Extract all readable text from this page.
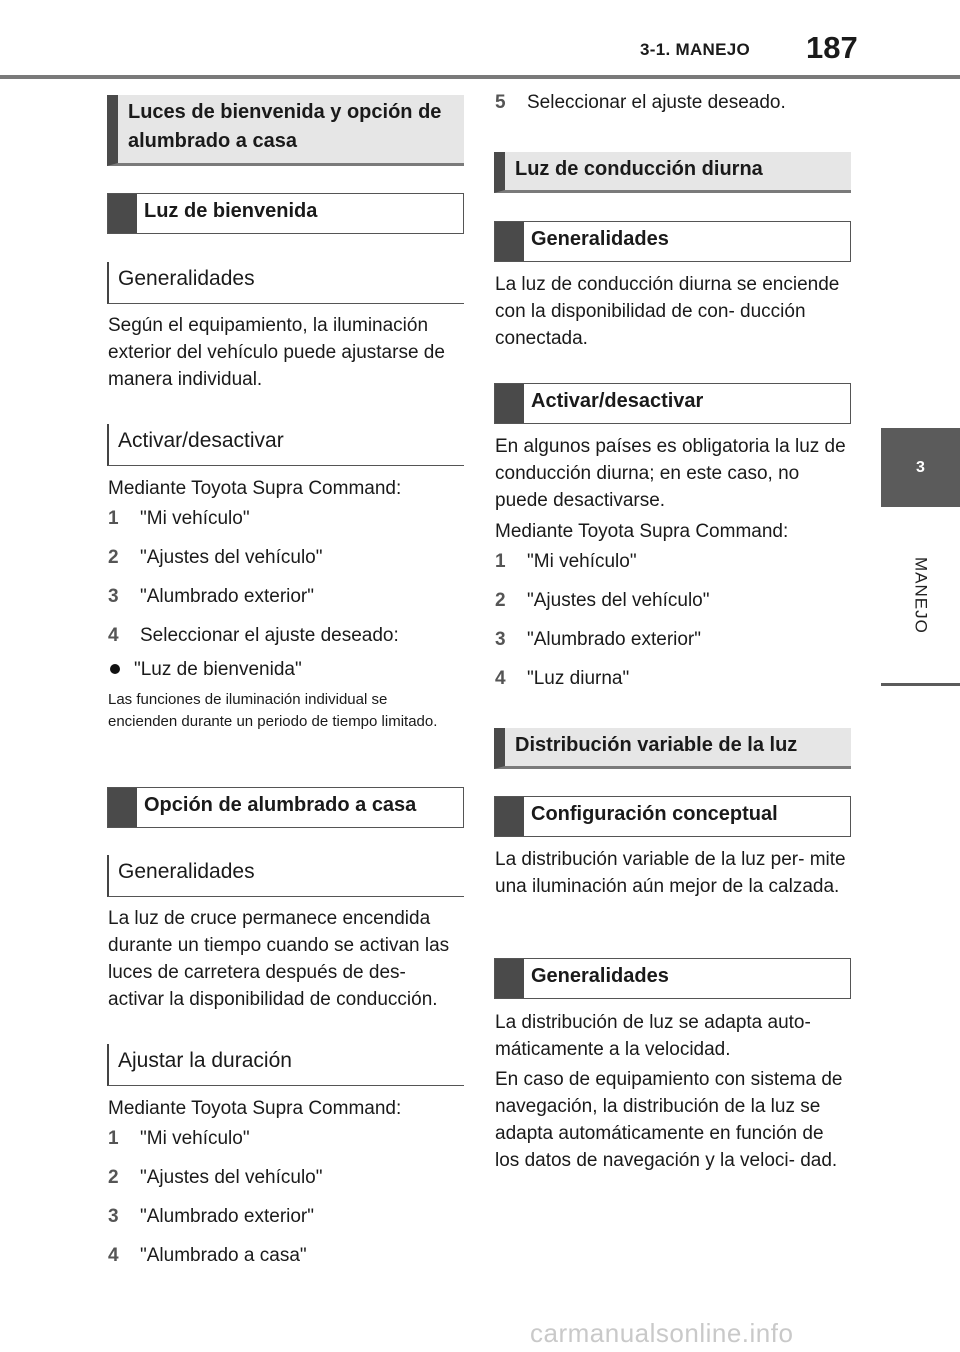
3-1. MANEJO 187
3
MANEJO
Luces de bienvenida y opción de alumbrado a casa
Luz de bienvenida
Generalidades
Según el equipamiento, la iluminación exterior del vehículo puede ajustarse de manera individual.
Activar/desactivar
Mediante Toyota Supra Command:
1 "Mi vehículo"
2 "Ajustes del vehículo"
3 "Alumbrado exterior"
4 Seleccionar el ajuste deseado:
"Luz de bienvenida"
Las funciones de iluminación individual se encienden durante un periodo de tiempo limitado.
Opción de alumbrado a casa
Generalidades
La luz de cruce permanece encendida durante un tiempo cuando se activan las luces de carretera después de des- activar la disponibilidad de conducción.
Ajustar la duración
Mediante Toyota Supra Command:
1 "Mi vehículo"
2 "Ajustes del vehículo"
3 "Alumbrado exterior"
4 "Alumbrado a casa"
5 Seleccionar el ajuste deseado.
Luz de conducción diurna
Generalidades
La luz de conducción diurna se enciende con la disponibilidad de con- ducción conectada.
Activar/desactivar
En algunos países es obligatoria la luz de conducción diurna; en este caso, no puede desactivarse.
Mediante Toyota Supra Command:
1 "Mi vehículo"
2 "Ajustes del vehículo"
3 "Alumbrado exterior"
4 "Luz diurna"
Distribución variable de la luz
Configuración conceptual
La distribución variable de la luz per- mite una iluminación aún mejor de la calzada.
Generalidades
La distribución de luz se adapta auto- máticamente a la velocidad.
En caso de equipamiento con sistema de navegación, la distribución de la luz se adapta automáticamente en función de los datos de navegación y la veloci- dad.
carmanualsonline.info
